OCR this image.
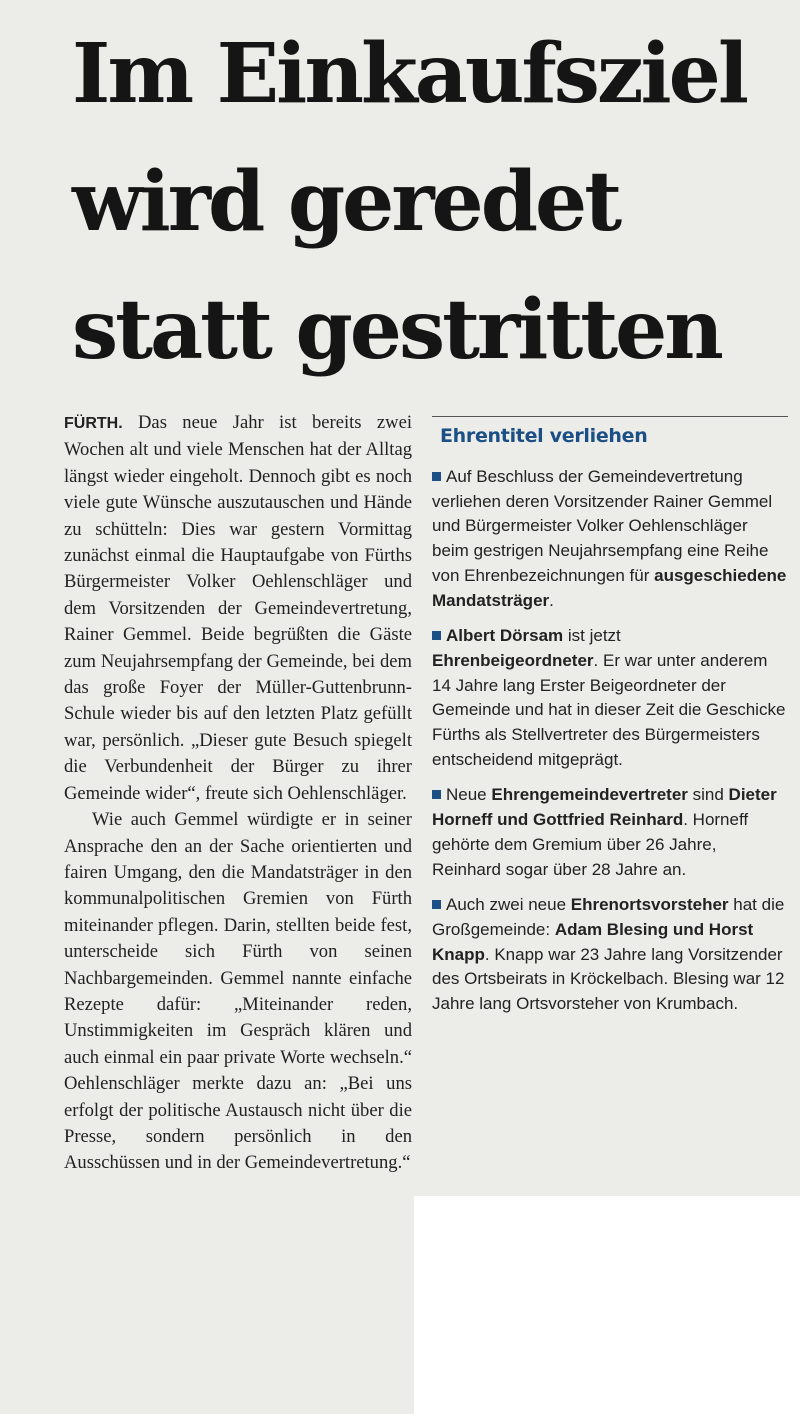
Im Einkaufsziel
wird geredet
statt gestritten

FÜRTH. Das neue Jahr ist bereits zwei Wochen alt und viele Menschen hat der Alltag längst wieder eingeholt. Dennoch gibt es noch viele gute Wünsche auszutauschen und Hände zu schütteln: Dies war gestern Vormittag zunächst einmal die Hauptaufgabe von Fürths Bürgermeister Volker Oehlenschläger und dem Vorsitzenden der Gemeindevertretung, Rainer Gemmel. Beide begrüßten die Gäste zum Neujahrsempfang der Gemeinde, bei dem das große Foyer der Müller-Guttenbrunn-Schule wieder bis auf den letzten Platz gefüllt war, persönlich. „Dieser gute Besuch spiegelt die Verbundenheit der Bürger zu ihrer Gemeinde wider“, freute sich Oehlenschläger.

Wie auch Gemmel würdigte er in seiner Ansprache den an der Sache orientierten und fairen Umgang, den die Mandatsträger in den kommunalpolitischen Gremien von Fürth miteinander pflegen. Darin, stellten beide fest, unterscheide sich Fürth von seinen Nachbargemeinden. Gemmel nannte einfache Rezepte dafür: „Miteinander reden, Unstimmigkeiten im Gespräch klären und auch einmal ein paar private Worte wechseln.“ Oehlenschläger merkte dazu an: „Bei uns erfolgt der politische Austausch nicht über die Presse, sondern persönlich in den Ausschüssen und in der Gemeindevertretung.“

Ehrentitel verliehen
Auf Beschluss der Gemeindevertretung verliehen deren Vorsitzender Rainer Gemmel und Bürgermeister Volker Oehlenschläger beim gestrigen Neujahrsempfang eine Reihe von Ehrenbezeichnungen für ausgeschiedene Mandatsträger.
Albert Dörsam ist jetzt Ehrenbeigeordneter. Er war unter anderem 14 Jahre lang Erster Beigeordneter der Gemeinde und hat in dieser Zeit die Geschicke Fürths als Stellvertreter des Bürgermeisters entscheidend mitgeprägt.
Neue Ehrengemeindevertreter sind Dieter Horneff und Gottfried Reinhard. Horneff gehörte dem Gremium über 26 Jahre, Reinhard sogar über 28 Jahre an.
Auch zwei neue Ehrenortsvorsteher hat die Großgemeinde: Adam Blesing und Horst Knapp. Knapp war 23 Jahre lang Vorsitzender des Ortsbeirats in Kröckelbach. Blesing war 12 Jahre lang Ortsvorsteher von Krumbach.
